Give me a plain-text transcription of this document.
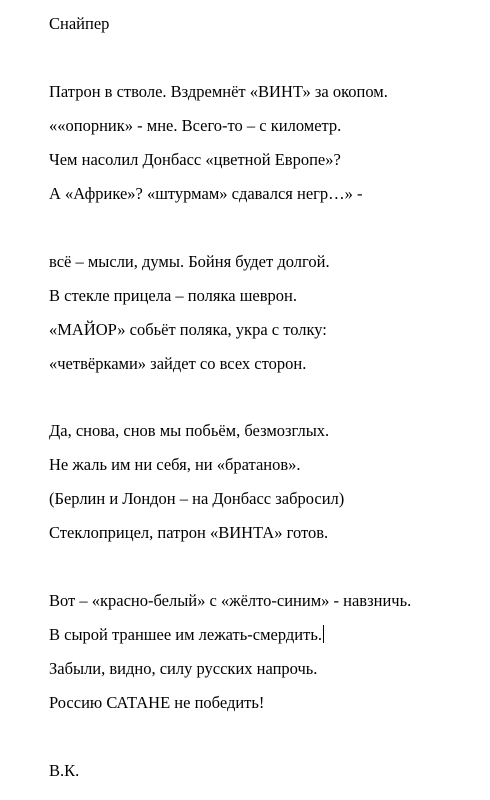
Снайпер
Патрон в стволе. Вздремнёт «ВИНТ» за окопом.
««опорник» - мне. Всего-то – с километр.
Чем насолил Донбасс «цветной Европе»?
А «Африке»? «штурмам» сдавался негр…» -
всё – мысли, думы. Бойня будет долгой.
В стекле прицела – поляка шеврон.
«МАЙОР» собьёт поляка, укра с толку:
«четвёрками» зайдет со всех сторон.
Да, снова, снов мы побьём, безмозглых.
Не жаль им ни себя, ни «братанов».
(Берлин и Лондон – на Донбасс забросил)
Стеклоприцел, патрон «ВИНТА» готов.
Вот – «красно-белый» с «жёлто-синим» - навзничь.
В сырой траншее им лежать-смердить.
Забыли, видно, силу русских напрочь.
Россию САТАНЕ не победить!
В.К.
